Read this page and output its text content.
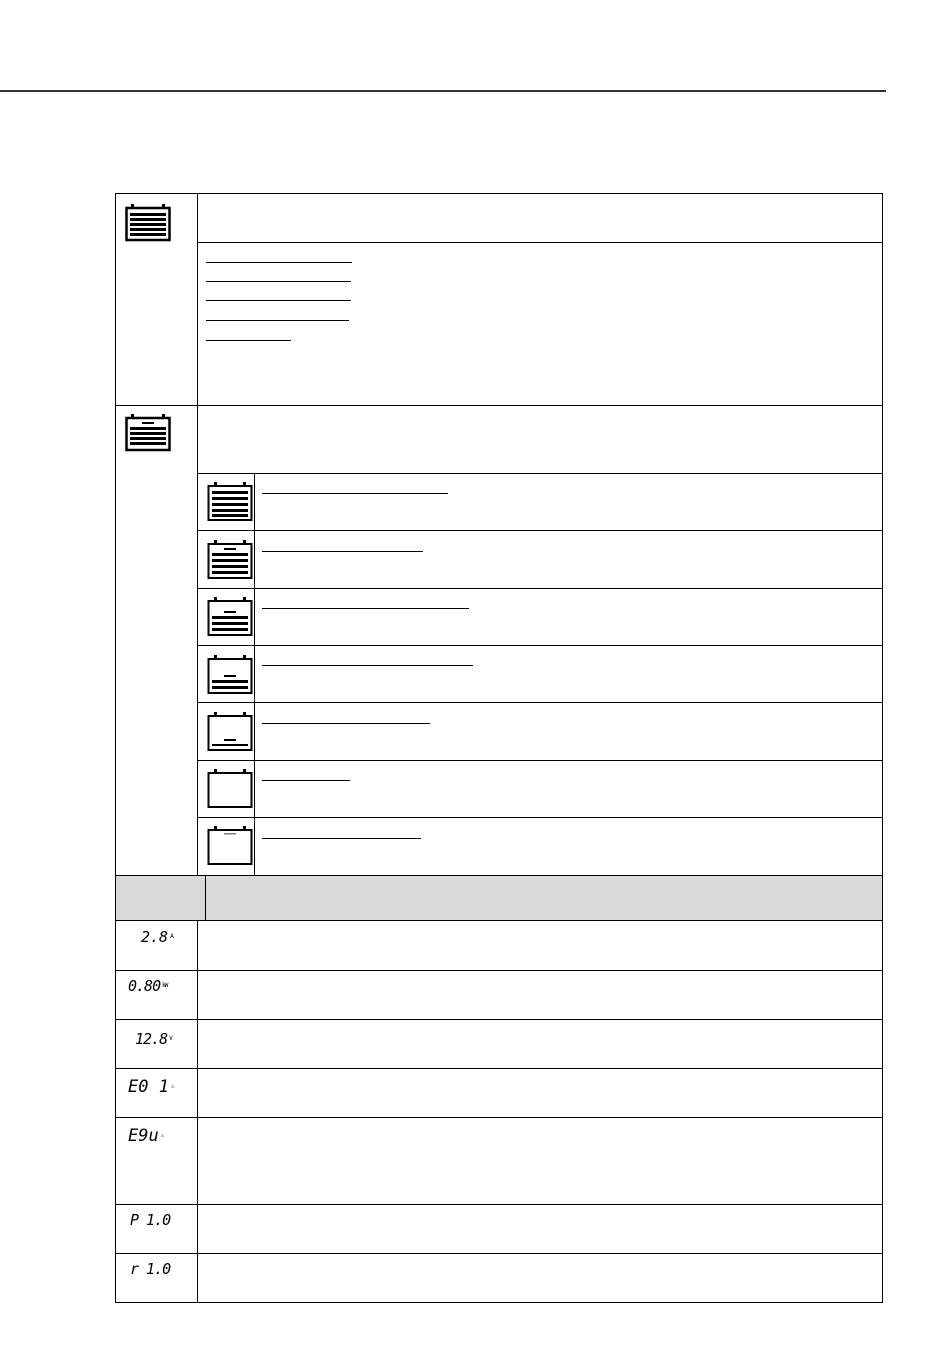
2.8 $^A$
0.80 $^{kW}$
12.8 $^V$
E0 1 ⚠
E9u ⚠
P 1.0
r 1.0
